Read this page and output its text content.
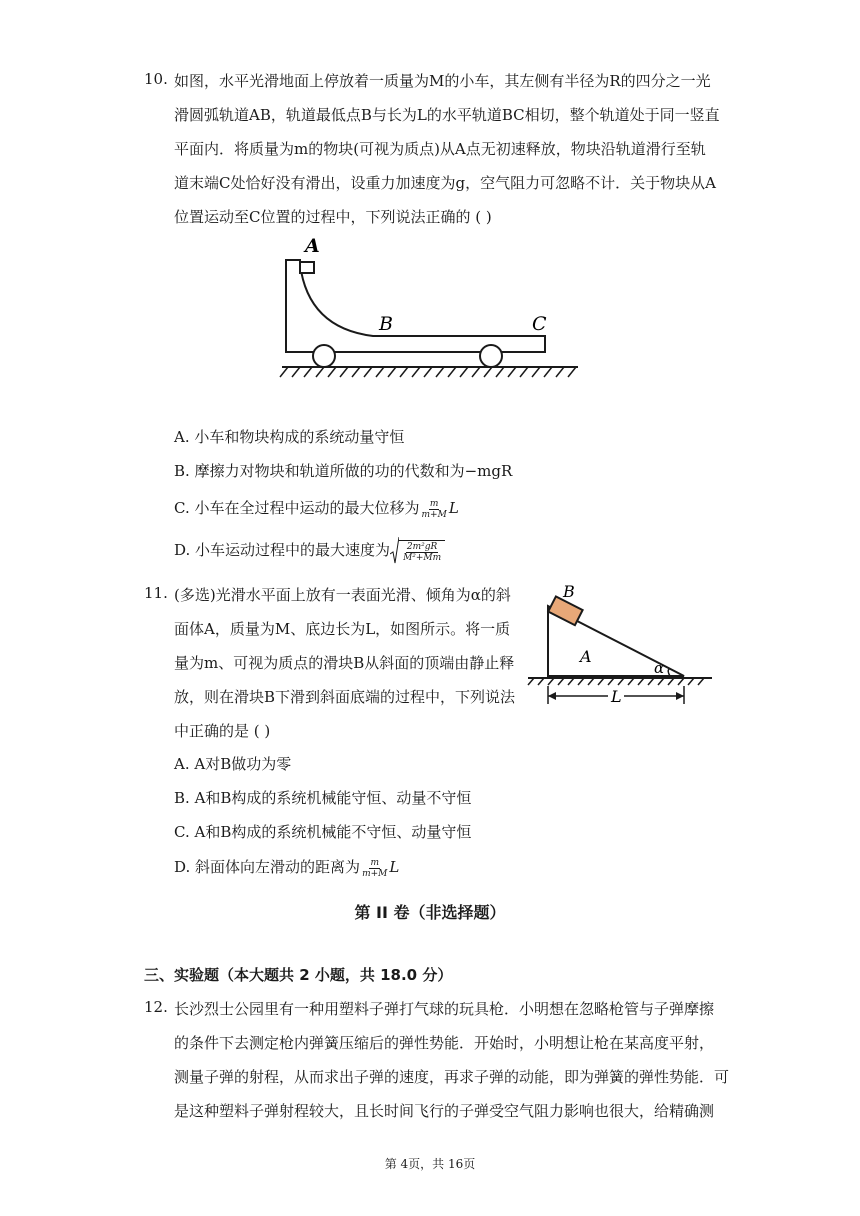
10. 如图，水平光滑地面上停放着一质量为M的小车，其左侧有半径为R的四分之一光
滑圆弧轨道AB，轨道最低点B与长为L的水平轨道BC相切，整个轨道处于同一竖直
平面内．将质量为m的物块(可视为质点)从A点无初速释放，物块沿轨道滑行至轨
道末端C处恰好没有滑出，设重力加速度为g，空气阻力可忽略不计．关于物块从A
位置运动至C位置的过程中，下列说法正确的 ( )
A
B	C
A. 小车和物块构成的系统动量守恒
B. 摩擦力对物块和轨道所做的功的代数和为−mgR
C. 小车在全过程中运动的最大位移为 $\frac{m}{m+M}$ L
D. 小车运动过程中的最大速度为 $\frac{\text{2m²gR}}{\text{M²+Mm}}$
11. (多选)光滑水平面上放有一表面光滑、倾角为α的斜
面体A，质量为M、底边长为L，如图所示。将一质
量为m、可视为质点的滑块B从斜面的顶端由静止释
放，则在滑块B下滑到斜面底端的过程中，下列说法
中正确的是 ( )
B
A
α
L
A. A对B做功为零
B. A和B构成的系统机械能守恒、动量不守恒
C. A和B构成的系统机械能不守恒、动量守恒
D. 斜面体向左滑动的距离为 $\frac{m}{m+M}$ L
第 II 卷（非选择题）
三、实验题（本大题共 2 小题，共 18.0 分）
12. 长沙烈士公园里有一种用塑料子弹打气球的玩具枪．小明想在忽略枪管与子弹摩擦
的条件下去测定枪内弹簧压缩后的弹性势能．开始时，小明想让枪在某高度平射，
测量子弹的射程，从而求出子弹的速度，再求子弹的动能，即为弹簧的弹性势能．可
是这种塑料子弹射程较大，且长时间飞行的子弹受空气阻力影响也很大，给精确测
第 4页，共 16页
